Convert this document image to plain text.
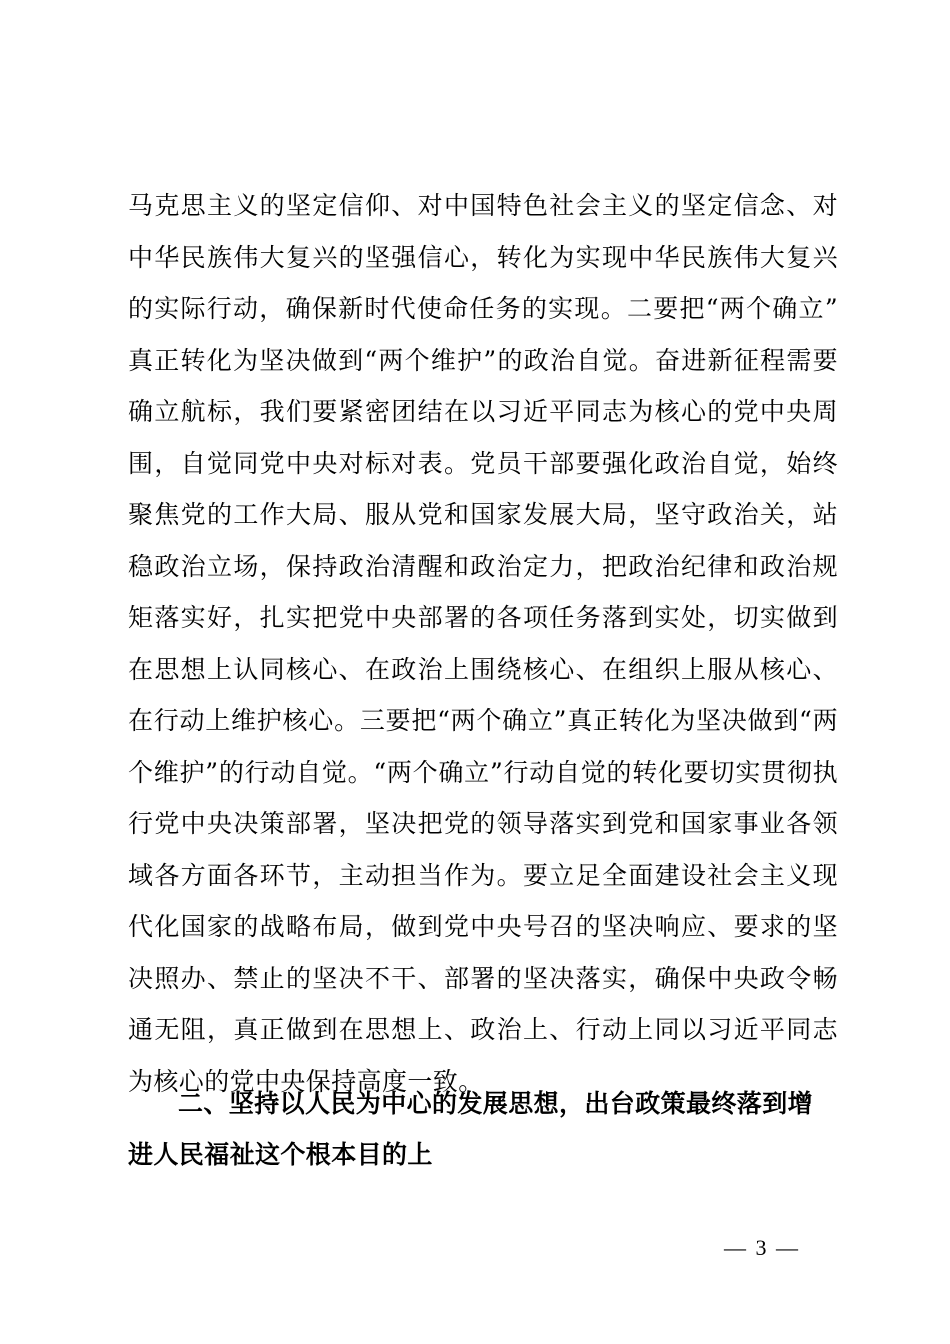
马克思主义的坚定信仰、对中国特色社会主义的坚定信念、对
中华民族伟大复兴的坚强信心，转化为实现中华民族伟大复兴
的实际行动，确保新时代使命任务的实现。二要把“两个确立”
真正转化为坚决做到“两个维护”的政治自觉。奋进新征程需要
确立航标，我们要紧密团结在以习近平同志为核心的党中央周
围，自觉同党中央对标对表。党员干部要强化政治自觉，始终
聚焦党的工作大局、服从党和国家发展大局，坚守政治关，站
稳政治立场，保持政治清醒和政治定力，把政治纪律和政治规
矩落实好，扎实把党中央部署的各项任务落到实处，切实做到
在思想上认同核心、在政治上围绕核心、在组织上服从核心、
在行动上维护核心。三要把“两个确立”真正转化为坚决做到“两
个维护”的行动自觉。“两个确立”行动自觉的转化要切实贯彻执
行党中央决策部署，坚决把党的领导落实到党和国家事业各领
域各方面各环节，主动担当作为。要立足全面建设社会主义现
代化国家的战略布局，做到党中央号召的坚决响应、要求的坚
决照办、禁止的坚决不干、部署的坚决落实，确保中央政令畅
通无阻，真正做到在思想上、政治上、行动上同以习近平同志
为核心的党中央保持高度一致。
二、坚持以人民为中心的发展思想，出台政策最终落到增
进人民福祉这个根本目的上
— 3 —
